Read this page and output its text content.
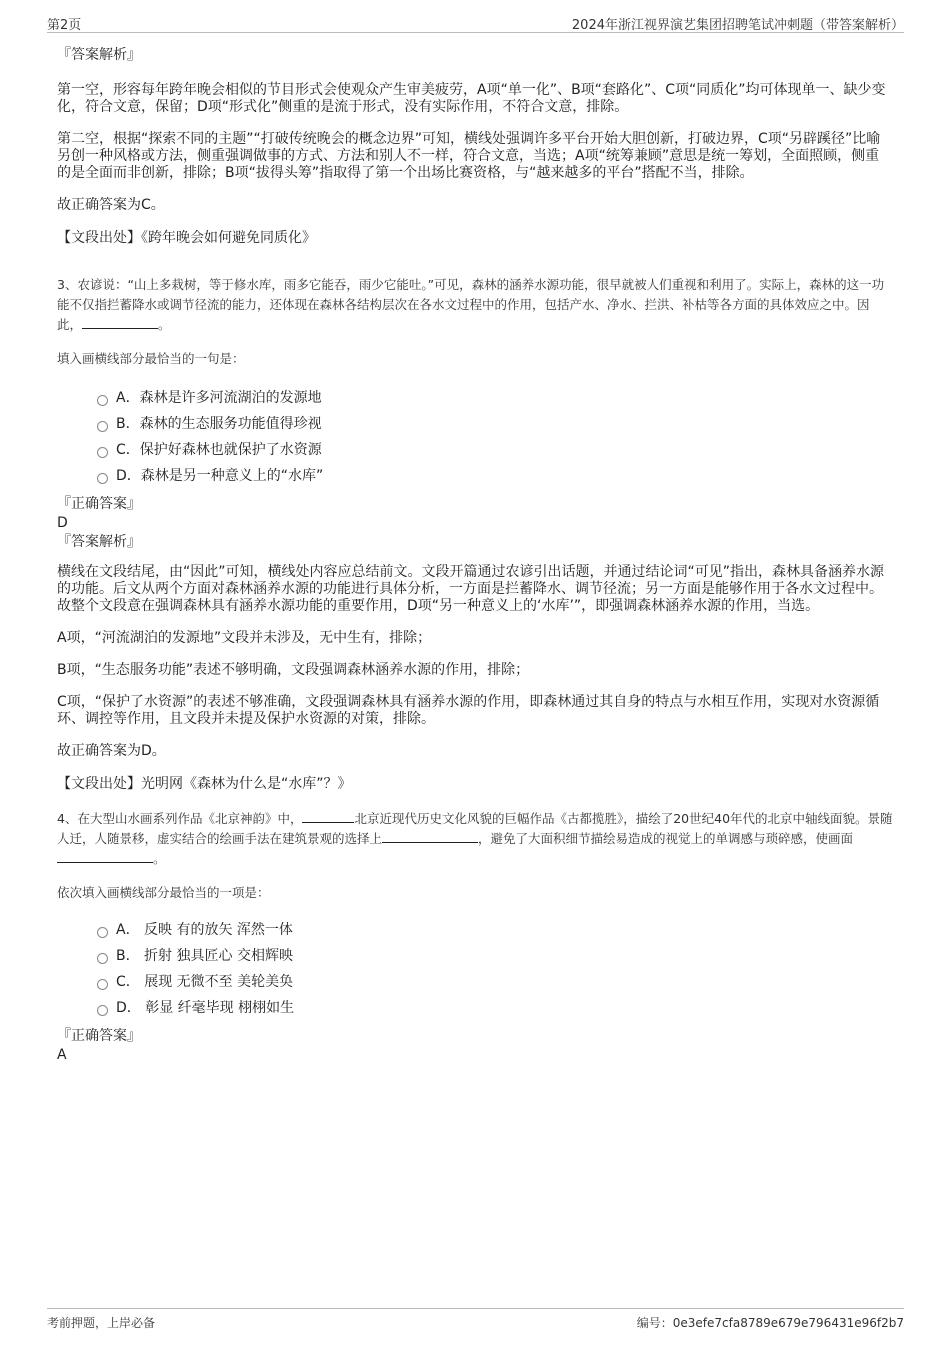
第2页	2024年浙江视界演艺集团招聘笔试冲刺题（带答案解析）

『答案解析』

第一空，形容每年跨年晚会相似的节目形式会使观众产生审美疲劳，A项“单一化”、B项“套路化”、C项“同质化”均可体现单一、缺少变化，符合文意，保留；D项“形式化”侧重的是流于形式，没有实际作用，不符合文意，排除。

第二空，根据“探索不同的主题”“打破传统晚会的概念边界”可知，横线处强调许多平台开始大胆创新，打破边界，C项“另辟蹊径”比喻另创一种风格或方法，侧重强调做事的方式、方法和别人不一样，符合文意，当选；A项“统筹兼顾”意思是统一筹划，全面照顾，侧重的是全面而非创新，排除；B项“拔得头筹”指取得了第一个出场比赛资格，与“越来越多的平台”搭配不当，排除。

故正确答案为C。

【文段出处】《跨年晚会如何避免同质化》

3、农谚说：“山上多栽树，等于修水库，雨多它能吞，雨少它能吐。”可见，森林的涵养水源功能，很早就被人们重视和利用了。实际上，森林的这一功能不仅指拦蓄降水或调节径流的能力，还体现在森林各结构层次在各水文过程中的作用，包括产水、净水、拦洪、补枯等各方面的具体效应之中。因此，	。

填入画横线部分最恰当的一句是：

A．森林是许多河流湖泊的发源地
B．森林的生态服务功能值得珍视
C．保护好森林也就保护了水资源
D．森林是另一种意义上的“水库”

『正确答案』

D

『答案解析』

横线在文段结尾，由“因此”可知，横线处内容应总结前文。文段开篇通过农谚引出话题，并通过结论词“可见”指出，森林具备涵养水源的功能。后文从两个方面对森林涵养水源的功能进行具体分析，一方面是拦蓄降水、调节径流；另一方面是能够作用于各水文过程中。故整个文段意在强调森林具有涵养水源功能的重要作用，D项“另一种意义上的‘水库’”，即强调森林涵养水源的作用，当选。

A项，“河流湖泊的发源地”文段并未涉及，无中生有，排除；

B项，“生态服务功能”表述不够明确，文段强调森林涵养水源的作用，排除；

C项，“保护了水资源”的表述不够准确，文段强调森林具有涵养水源的作用，即森林通过其自身的特点与水相互作用，实现对水资源循环、调控等作用，且文段并未提及保护水资源的对策，排除。

故正确答案为D。

【文段出处】光明网《森林为什么是“水库”？》

4、在大型山水画系列作品《北京神韵》中，	北京近现代历史文化风貌的巨幅作品《古都揽胜》，描绘了20世纪40年代的北京中轴线面貌。景随人迁，人随景移，虚实结合的绘画手法在建筑景观的选择上	，避免了大面积细节描绘易造成的视觉上的单调感与琐碎感，使画面。

依次填入画横线部分最恰当的一项是：

A． 反映 有的放矢 浑然一体
B． 折射 独具匠心 交相辉映
C． 展现 无微不至 美轮美奂
D． 彰显 纤毫毕现 栩栩如生

『正确答案』

A

考前押题，上岸必备	编号：0e3efe7cfa8789e679e796431e96f2b7
